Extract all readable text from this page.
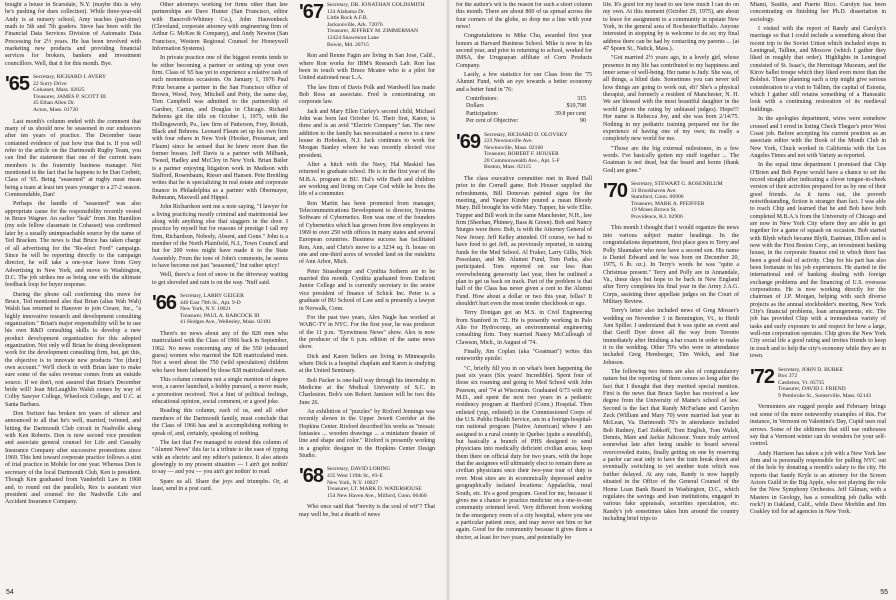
bought a house in Scarsdale, N.Y. (maybe this is why he's pushing for dues collection). While three-year-old Andy is at nursery school, Amy teaches (part-time) math to 5th and 7th graders. Steve has been with the Financial Data Services Division of Automatic Data Processing for 2½ years. He has been involved with marketing new products and providing financial services for brokers, bankers and investment councillors. Well, that it for this month. Bye.

'65 Secretary, RICHARD J. AVERY
22 Surry Drive
Cohasset, Mass. 02025
Treasurer, JAMES P. SCOTT III
45 Ethan Allen Dr.
Acton, Mass. 01720

Last month's column ended with the comment that many of us should now be seasoned in our endeavors after ten years of practice. The December issue contained evidence of just how true that is. If you will refer to the article on the Dartmouth Rugby Team, you can find the statement that one of the current team members is the fraternity business manager. Not mentioned is the fact that he happens to be Dan Corbett, Class of '65. Being "seasoned" at rugby must mean being a team at least ten years younger to a 27-2 season. Commendable, Dan!

Perhaps the handle of "seasoned" was also appropriate cause for the responsibility recently vested in Bruce Wagner. An earlier "leak" from Jim Hamilton (my sole fellow classmate in Cohasset) was confirmed later by a usually unimpeachable source by the name of Ted Bracken. The news is that Bruce has taken charge of all advertising for the "Re-elect Ford" campaign. Since he will be reporting directly to the campaign director, he will take a one-year leave from Grey Advertising in New York, and move to Washington, D.C. The job strikes me as being one with the ultimate feedback loop for buyer response.

During the phone call confirming this move for Bruce, Ted mentioned also that Brian (alias Wah Wah) Walsh has returned to Hanover to join Creare, Inc., "a highly innovative research and development consulting organization." Brian's major responsibility will be to use his own R&D consulting skills to develop a new product development organization for this adopted organization. Not only will Brian be doing development work for the development consulting firm, but, get this, the objective is to innovate new products "for [their] own account." We'll check in with Brian later to make sure some of the sales revenue comes from an outside source. If we don't, rest assured that Brian's December bride will! Jean McLaughlin Walsh comes by way of Colby Sawyer College, Wheelock College, and U.C. at Santa Barbara.

Don Switzer has broken ten years of silence and announced to all that he's well, married, twinned, and hitting the Dartmouth Club circuit in Nashville along with Ken Roberts. Don is now second vice president and associate general counsel for Life and Casualty Insurance Company after successive promotions since 1969. This lent toward corporate practice follows a stint of trial practice in Mobile for one year. Whereas Don is secretary of the local Dartmouth Club, Ken is president. Though Ken graduated from Vanderbilt Law in 1968 and, to round out the parallels, Rex is assistant vice president and counsel for the Nashville Life and Accident Insurance Company.

Other attorneys working for firms other than law partnerships are Dave Hunter (San Francisco, editor with Bancroft-Whitney Co.), John Hauvenbeck (Cleveland, corporate attorney with engineering firm of Arthur G. McKee & Company), and Andy Newton (San Francisco, Western Regional Counsel for Honeywell Information Systems).

In private practice one of the biggest events tends to be either becoming a partner or setting up your own firm. Class of '65 has yet to experience a relative rash of such momentous occasions. On January 1, 1976 Paul Prinz became a partner in the San Francisco office of Brown, Wood, Ivey, Mitchell and Petty, the same day, Tom Campbell was admitted to the partnership of Gardner, Carton, and Douglas in Chicago. Richard Behrens got the title on October 1, 1975, with the Hollingsworth, Pa., law firm of Patterson, Frey, Rotuth, Black and Behrens. Leonard Flaum set up his own firm with four others in New York (Hooker, Pressman, and Flaum) since he sensed that he knew more than the former bosses. Jeff Davis is a partner with Milbank, Tweed, Hadley and McCloy in New York. Brian Bailer is a partner enjoying litigation work in Madison with Stafford, Rosenbaum, Rieser and Hansen. Pete Breitling writes that he is specializing in real estate and corporate finance in Philadelphia as a partner with Obermayer, Rebmann, Maxwell and Hippel.

John Richardson sent me a note saying, "I lawyer for a living practicing mostly criminal and matrimonial law along with anything else that staggers in the door. I practice by myself but for reasons of prestige I call my firm, Richardson, Nobody, Absent, and Gone." John is a member of the North Plainfield, N.J., Town Council and but for 200 votes might have made it to the State Assembly. From the tone of John's comments, he seems to have become not just "seasoned," but rather spicy!

Well, there's a foot of snow in the driveway waiting to get shoveled and rain is on the way. 'Nuff said.

'66 Secretary, LARRY GEIGER
440 East 79th St., Apt. 9-D
New York, N.Y. 10021
Treasurer, PAUL A. BABCOCK III
41 Hodges Ave., Wellesley, Mass. 02181

There's no news about any of the 828 men who matriculated with the Class of 1966 back in September, 1962. No news concerning any of the 550 (educated guess) women who married the 828 matriculated men. Not a word about the 750 (wild speculation) children who have been fathered by those 828 matriculated men.

This column contains not a single mention of degree won, a career launched, a hobby pursued, a move made, a promotion received. Not a hint of political feelings, educational opinion, social comment, or a good joke.

Reading this column, each of us, and all other members of the Dartmouth family, must conclude that the Class of 1966 has and is accomplishing nothing to speak of, and, certainly, speaking of nothing.

The fact that I've managed to extend this column of "Alumni News" this far is a tribute to the ease of typing with an electric and my editor's patience. It also attests glowingly to my present situation — I ain't got nothin' to say — and you — you ain't got nothin' to read.

Spare us all. Share the joys and triumphs. Or, at least, send in a post card.

'67 Secretary, DR. JONATHAN GOLDSMITH
124 Alabama Dr.
Little Rock A.F.B.
Jacksonville, Ark. 72076
Treasurer, JEFFREY M. ZIMMERMAN
12424 Shawmont Lane
Bowie, Md. 20715

Ron and Renne Fagin are living in San Jose, Calif., where Ron works for IBM's Research Lab. Ron has been in touch with Bruce Mcatee who is a pilot for United stationed near L.A.

The law firm of Davis Polk and Wardwell has made Bob Ross an associate. Fred is concentrating on corporate law.

Jack and Mary Ellen Curley's second child, Michael John was born last October 16. Their first, Karen, is three and is an avid "Electric Company" fan. The new addition to the family has necessitated a move to a new house in Hoboken, N.J. Jack continues to work for Morgan Stanley where he was recently elected vice president.

After a hitch with the Navy, Hal Maskiel has returned to graduate school. He is in the first year of the M.B.A. program at BU. Hal's wife Barb and children are working and living on Cape Cod while he lives the life of a commuter.

Ron Martin has been promoted from manager, Telecommunications Development to director, Systems Software of Cybernetics. Ron was one of the founders of Cybernetics which has grown from five employees in 1969 to over 250 with offices in many states and several European countries. Business success has facilitated Ron, Ann, and Chris's move to a 3234 sq. ft. house on one and one-third acres of wooded land on the outskirts of Ann Arbor, Mich.

Peter Strassberger and Cynthia Sothern are to be married this month. Cynthia graduated from Endicott Junior College and is currently secretary to the senior vice president of finance of Schick Inc. Peter is a graduate of BU School of Law and is presently a lawyer in Norwalk, Conn.

For the past two years, Alex Nagle has worked at WABC-TV in NYC. For the first year, he was producer of the 11 p.m. "Eyewitness News" show. Alex is now the producer of the 6 p.m. edition of the same news show.

Dick and Karen Sellers are living in Minneapolis where Dick is a hospital chaplain and Karen is studying at the United Seminary.

Bob Packer is one-half way through his internship in Medicine at the Medical University of S.C. in Charleston. Bob's son Robert Jamison will be two this June 26.

An exhibition of "puzzles" by Rixford Jennings was recently shown in the Upper Jewett Corridor at the Hopkins Center. Rixford described his works as "mosaic fantasies ... wooden drawings ... a miniature theater of line and shape and color." Rixford is presently working in a graphic designer in the Hopkins Center Design Studio.

'68 Secretary, DAVID LORING
435 West 119th St., #3-E
New York, N.Y. 10027
Treasurer, LT. MARK D. WATERHOUSE
154 New Haven Ave., Milford, Conn. 06460

Who once said that "brevity is the soul of wit"? That may well be, but a dearth of news

for the author's wit is the reason for such a short column this month. There are about 800 of us spread across the four corners of the globe, so drop me a line with your news!

Congratulations to Mike Chu, awarded first year honors at Harvard Business School. Mike is now in his second year, and prior to returning to school, worked for IMSA, the Uruguayan affiliate of Corn Products Company.

Lastly, a few statistics for our Class from the '75 Alumni Fund, with an eye towards a better economy and a better fund in '76:

Contributors:	315
Dollars	$10,798
Participation:	39.8 per cent
Per cent of Objective:	90
'69 Secretary, RICHARD D. OLOVSKY
223 Newtonville Ave.
Newtonville, Mass. 02160
Treasurer, ROBERT F. HOUSER
28 Commonwealth Ave., Apt. 5-F
Boston, Mass. 02115

The class executive committee met in Reed Hall prior to the Cornell game. Bob Houser supplied the refreshments, Bill Donovan painted signs for the meeting, and Yasper Kinder poured a mean Bloody Mary. Bill brought his wife Mary. Tupper, his wife Ellie. Tupper and Bill work in the same Manchester, N.H., law firm (Sheehan, Phinney, Bass & Green). Bob and Nancy Sturges were there. Bob, is with the Attorney General of New Jersey. Jeff Kelley attended. Of course, we had to have food to get Jeff, as previously reported, in raising funds for the Med School. Al Fraker, Larry Gillis, Nick Pessolano, and Mr. Alumni Fund, Tom Parks, also participated. Tom reported on our less than overwhelming generosity last year, then he outlined a plan to get us back on track. Part of the problem is that half of the Class has never given a cent to the Alumni Fund. How about a dollar or two this year, fellas? It shouldn't hurt even the most tender checkbook or ego.

Terry Donigan got an M.S. in Civil Engineering from Stanford in '72. He is presently working in Palo Alto for Hydrocomp, an environmental engineering consulting firm. Tony married Nancy McCullough of Clawson, Mich., in August of '74.

Finally, Jim Coplan (aka "Goatman") writes this noteworthy epistle:

"C, briefly fill you in on what's been happening the past six years (Six years! Incredible). Spent four of those six roaming and going to Med School with John Pearson, and '74 at Wisconsin. Graduated 6/73 with my M.D., and spent the next two years in a pediatric residency program at Hartford (Conn.) Hospital. Then enlisted (yup, enlisted) in the Commissioned Corps of the U.S. Public Health Service, am in a foreign-hospital-run national program [Native American] where I am assigned to a rural county in Quebec (quite a mouthful), but basically a branch of PHS designed to send physicians into medically deficient civilian areas, keep them there on official duty for two years, with the hope that the assignees will ultimately elect to remain there as civilian physicians once their two-year tour of duty is over. Most sites are in economically depressed and/or geographically isolated locations: Appalachia, rural South, etc. It's a good program. Good for me, because it gives me a chance to practice medicine on a one-to-one community oriented level. Very different from working in the emergency room of a city hospital, where you see a particular patient once, and may never see him or her again. Good for the community because it gives them a doctor, at least for two years, and potentially for

life. It's good for my head to see how much I can do on my own. At this moment (October 29, 1975), am about to leave for assignment to a community in upstate New York, in the general area of Rochester/Buffalo. Anyone interested in stopping by is welcome to do so; my final address there can be had by contacting my parents ... (at 47 Spoen St., Natick, Mass.).

"Got married 2½ years ago, to a lovely girl, whose presence in my life has contributed to my happiness and inner sense of well-being. Her name is Judy. She was, of all things, a blind date. Sometimes you can never tell how things are going to work out, eh? She's a physical therapist, and formerly a resident of Manchester, N. H. We are blessed with the most beautiful daughter in the world (given the rating by unbiased judges). Hope!!! Her name is Rebecca Joy, and she was born 2/14/75. Nothing in my pediatric training prepared me for the experience of having one of my own; its really a completely new world for me.

"Those are the big external milestones, in a few words. I've basically gotten my stuff together ... The Goatman is not dead, but the beard and horns (thank God) are gone."

'70 Secretary, STEWART G. ROSENBLUM
31 Brookhaven Ave.
Stamford, Conn. 06906
Treasurer, MARK A. PFEIFFER
19 Moses Brown St.
Providence, R.I. 02906

This month I thought that I would organize the news into various subject matter headings. In the congratulations department, first place goes to Terry and Polly Shumaker who now have a second son. His name is Daniel Edward and he was born on December 20, 1975, 6 lb. oz.). In Terry's words he was "quite a Christmas present." Terry and Polly are in Annandale, Va., these days but hope to be back in New England after Terry completes his final year in the Army J.A.G. Corps, assisting three appellate judges on the Court of Military Review.

Terry's letter also included news of Greg Mosser's wedding on November 1 in Bennington, Vt., to Heidi Ann Spiller. I understand that it was quite an event and that Geoff Dyer drove all the way from Toronto immediately after finishing a bar exam in order to make it to the wedding. Other 70's who were in attendance included Greg Hemberger, Tim Welch, and Star Johnson.

The following two items are also of congratulatory nature but the reporting of them comes so long after the fact that I thought that they merited special mention. First is the news that Bruce Saylor has received a law degree from the University of Maine's school of law. Second is the fact that Randy McFarlane and Carolyn Zeck (William and Mary 70) were married last year in McLean, Va. Dartmouth 70's in attendance included Bob Rudney, Earl Zubkoff, Tom English, Tom Walsh, Dennis, Mare and Jackie Julicoeur. Yours truly arrived somewhat late after being unable to board several overcrowded trains, finally getting on one by reserving a parlor car seat only to have the train break down and eventually switching to yet another train which was further delayed. At any rate, Randy is now happily situated in the Office of the General Counsel of the Home Loan Bank Board in Washington, D.C., which regulates the savings and loan institutions, engaged in various fake appraisals, securities speculation, etc. Randy's job sometimes takes him around the country including brief trips to

Miami, Seattle, and Puerto Rico. Carolyn has been concentrating on finishing her Ph.D. dissertation in sociology.

I visited with the report of Randy and Carolyn's marriage so that I could include a something about that recent trip to the Soviet Union which included stops in Leningrad, Tallinn, and Moscow (which I gather they liked in roughly that order). Highlights in Leningrad consisted of St. Isaac's, the Hermitage Museum, and the Kirov ballet troupe which they liked even more than the Bolshoi. Those planning such a trip might give serious consideration to a visit to Tallinn, the capital of Estonia, which I gather still retains something of a Hanseatic look with a continuing restoration of its medieval buildings.

In the apologies department, wires were somehow crossed and I erred in listing Check Thegze's prior West Coast job. Before accepting his current position as an associate editor with the Book of the Month Club in New York, Chuck worked in California with the Los Angeles Times and not with Variety as reported.

In the equal time department I promised that Chip O'Brien and Bob Payne would have a chance to set the record straight after indicating a clever tongue-in-cheek version of their activities prepared for us by one of their good friends. As it turns out, the proverb notwithstanding, fiction is stranger than fact. I was able to reach Chip and learned that he and Bob have both completed M.B.A.'s from the University of Chicago and are now in New York City where they are able to get together for a game of squash on occasion. Bob started with Blyth which became Blyth, Eastman, Dillon and is now with the First Boston Corp., an investment banking house, in the corporate finance end in which there has been a good deal of activity. Chip for his part has also been fortunate in his job experiences. He started in the international end of banking dealing with foreign exchange problems and the financing of U.S. overseas corporations. He is now working directly for the chairman of J.P. Morgan, helping with such diverse projects as the annual stockholder's meeting, New York City's financial problems, loan arrangements, etc. The job has provided Chip with a tremendous variety of tasks and early exposure to and respect for how a large, well-run corporation operates. Chip gives the New York City social life a good rating and invites friends to keep in touch and to help the city's economy while they are in town.

'72 Secretary, JOHN D. BURKE
Box 372
Castleton, Vt. 05735
Treasurer, DAVID J. FRIEND
9 Pembroke St., Somerville, Mass. 02143

Vermonters are rugged people and February brings out some of the more noteworthy examples of this. For instance, in Vermont on Valentine's Day, Cupid uses real arrows. Some of the oldtimers that still use outhouses say that a Vermont winter can do wonders for your self-control.

Andy Harrison has taken a job with a New York law firm and is personally responsible for pulling NYC out of the hole by donating a month's salary to the city. He reports that Sandy Kryle is an attorney for the Screen Actors Guild in the Big Apple, who not playing the role for the New Symphony Orchestra. Jeff Gilman, with a Masters in Geology, has a consulting job (talks with rock?) in Oakland, Calif., while Dave Morhlin and Jim Coakley toil for ad agencies in New York.

54	55
